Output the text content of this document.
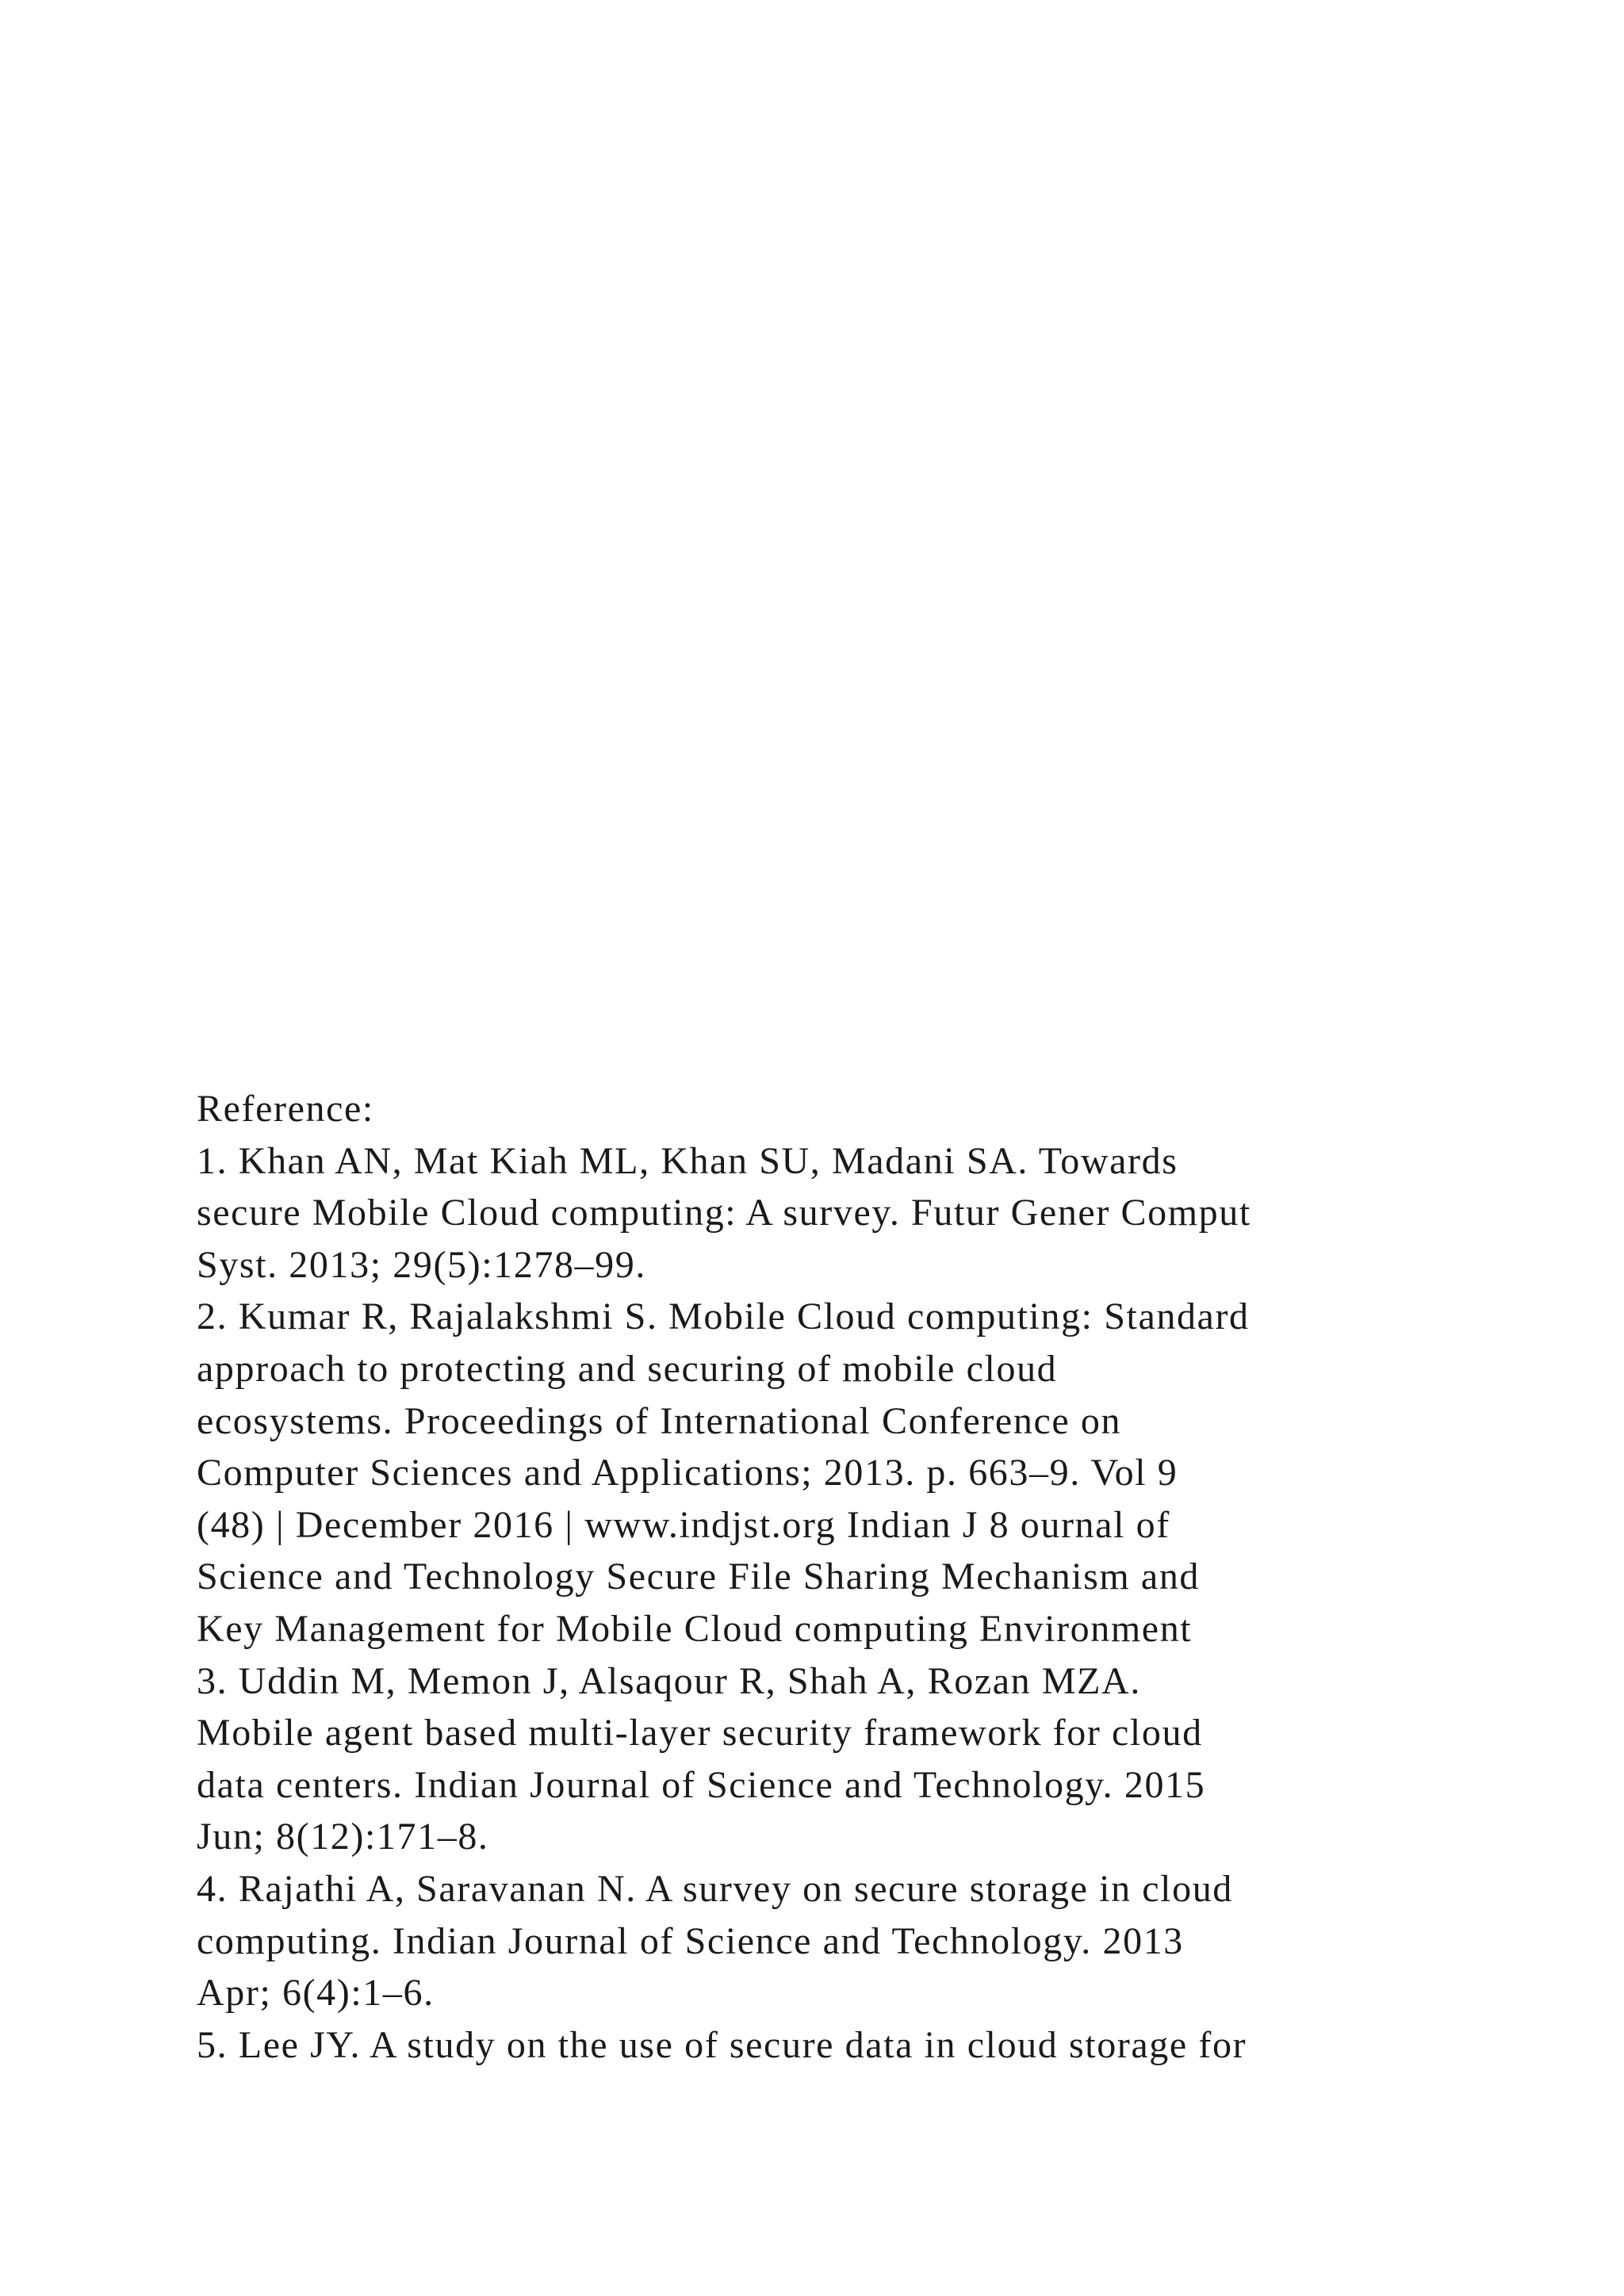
Reference:
1. Khan AN, Mat Kiah ML, Khan SU, Madani SA. Towards
secure Mobile Cloud computing: A survey. Futur Gener Comput
Syst. 2013; 29(5):1278–99.
2. Kumar R, Rajalakshmi S. Mobile Cloud computing: Standard
approach to protecting and securing of mobile cloud
ecosystems. Proceedings of International Conference on
Computer Sciences and Applications; 2013. p. 663–9. Vol 9
(48) | December 2016 | www.indjst.org Indian J 8 ournal of
Science and Technology Secure File Sharing Mechanism and
Key Management for Mobile Cloud computing Environment
3. Uddin M, Memon J, Alsaqour R, Shah A, Rozan MZA.
Mobile agent based multi-layer security framework for cloud
data centers. Indian Journal of Science and Technology. 2015
Jun; 8(12):171–8.
4. Rajathi A, Saravanan N. A survey on secure storage in cloud
computing. Indian Journal of Science and Technology. 2013
Apr; 6(4):1–6.
5. Lee JY. A study on the use of secure data in cloud storage for
